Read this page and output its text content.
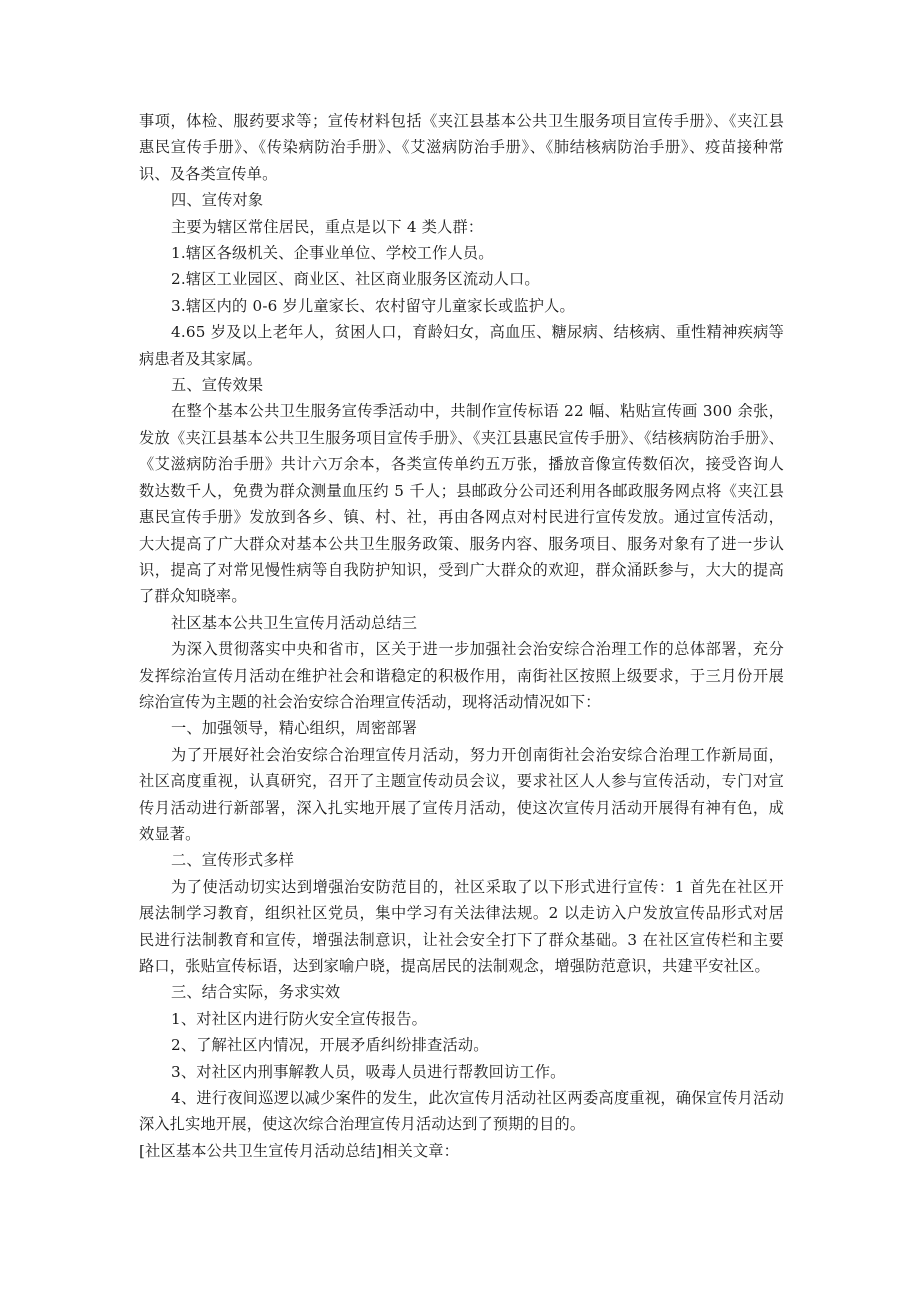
事项，体检、服药要求等；宣传材料包括《夹江县基本公共卫生服务项目宣传手册》、《夹江县惠民宣传手册》、《传染病防治手册》、《艾滋病防治手册》、《肺结核病防治手册》、疫苗接种常识、及各类宣传单。

四、宣传对象

主要为辖区常住居民，重点是以下 4 类人群：

1.辖区各级机关、企事业单位、学校工作人员。

2.辖区工业园区、商业区、社区商业服务区流动人口。

3.辖区内的 0-6 岁儿童家长、农村留守儿童家长或监护人。

4.65 岁及以上老年人，贫困人口，育龄妇女，高血压、糖尿病、结核病、重性精神疾病等病患者及其家属。

五、宣传效果

在整个基本公共卫生服务宣传季活动中，共制作宣传标语 22 幅、粘贴宣传画 300 余张，发放《夹江县基本公共卫生服务项目宣传手册》、《夹江县惠民宣传手册》、《结核病防治手册》、《艾滋病防治手册》共计六万余本，各类宣传单约五万张，播放音像宣传数佰次，接受咨询人数达数千人，免费为群众测量血压约 5 千人；县邮政分公司还利用各邮政服务网点将《夹江县惠民宣传手册》发放到各乡、镇、村、社，再由各网点对村民进行宣传发放。通过宣传活动，大大提高了广大群众对基本公共卫生服务政策、服务内容、服务项目、服务对象有了进一步认识，提高了对常见慢性病等自我防护知识，受到广大群众的欢迎，群众涌跃参与，大大的提高了群众知晓率。

社区基本公共卫生宣传月活动总结三

为深入贯彻落实中央和省市，区关于进一步加强社会治安综合治理工作的总体部署，充分发挥综治宣传月活动在维护社会和谐稳定的积极作用，南街社区按照上级要求，于三月份开展综治宣传为主题的社会治安综合治理宣传活动，现将活动情况如下：

一、加强领导，精心组织，周密部署

为了开展好社会治安综合治理宣传月活动，努力开创南街社会治安综合治理工作新局面，社区高度重视，认真研究，召开了主题宣传动员会议，要求社区人人参与宣传活动，专门对宣传月活动进行新部署，深入扎实地开展了宣传月活动，使这次宣传月活动开展得有神有色，成效显著。

二、宣传形式多样

为了使活动切实达到增强治安防范目的，社区采取了以下形式进行宣传：1 首先在社区开展法制学习教育，组织社区党员，集中学习有关法律法规。2 以走访入户发放宣传品形式对居民进行法制教育和宣传，增强法制意识，让社会安全打下了群众基础。3 在社区宣传栏和主要路口，张贴宣传标语，达到家喻户晓，提高居民的法制观念，增强防范意识，共建平安社区。

三、结合实际，务求实效

1、对社区内进行防火安全宣传报告。

2、了解社区内情况，开展矛盾纠纷排查活动。

3、对社区内刑事解教人员，吸毒人员进行帮教回访工作。

4、进行夜间巡逻以减少案件的发生，此次宣传月活动社区两委高度重视，确保宣传月活动深入扎实地开展，使这次综合治理宣传月活动达到了预期的目的。

[社区基本公共卫生宣传月活动总结]相关文章：
